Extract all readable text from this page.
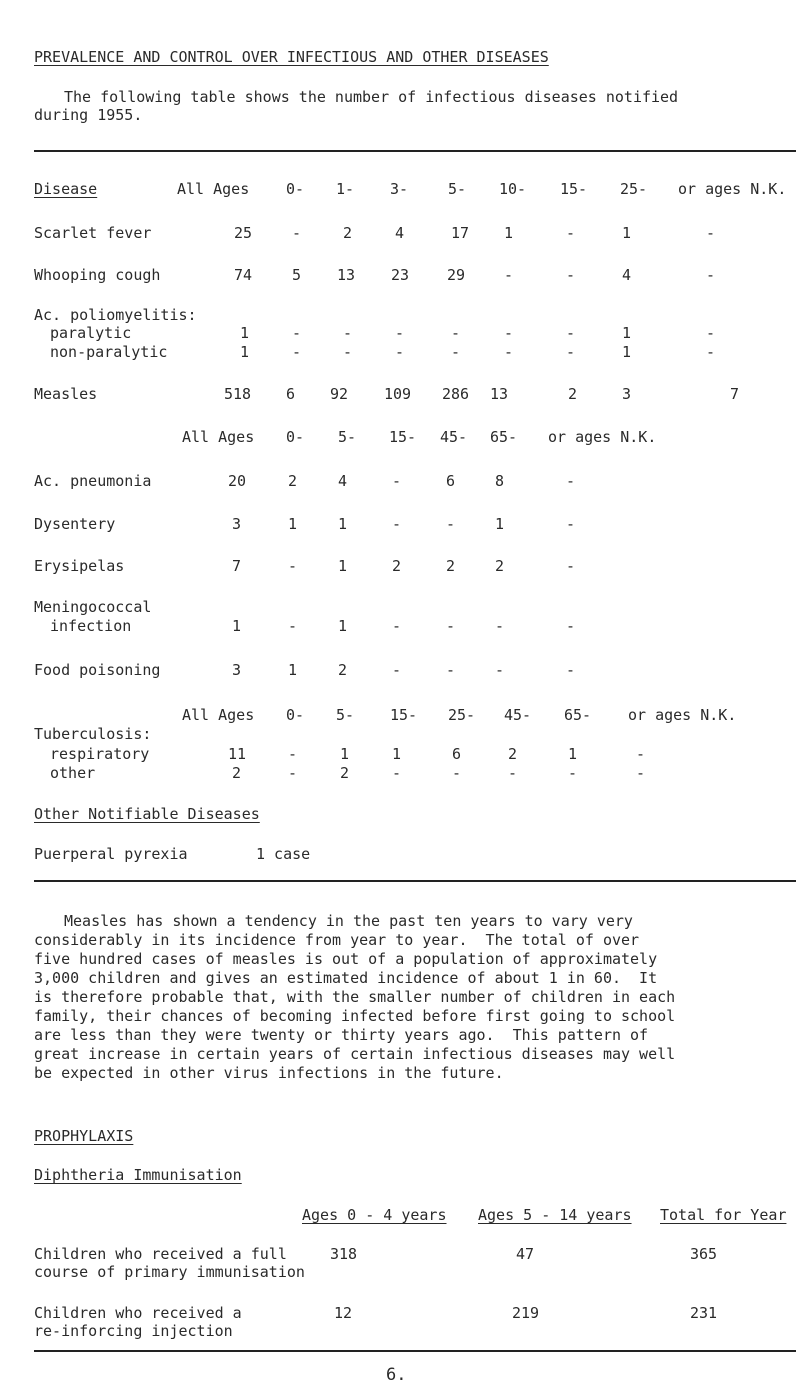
PREVALENCE AND CONTROL OVER INFECTIOUS AND OTHER DISEASES
The following table shows the number of infectious diseases notified
during 1955.
Disease	All Ages 0- 1- 3-	5- 10- 15- 25- or ages N.K.
Scarlet fever	25	-	2	4	17 1	-	1	-
Whooping cough	74	5 13 23	29	-	-	4	-
Ac. poliomyelitis:
paralytic	1	-	-	-	-	-	-	1	-
non-paralytic	1	-	-	-	-	-	-	1	-
Measles	518 6 92 109 286 13	2	3	7
All Ages 0- 5- 15- 45- 65- or ages N.K.
Ac. pneumonia	20	2	4	-	6	8	-
Dysentery	3	1	1	-	-	1	-
Erysipelas	7	-	1	2	2	2	-
Meningococcal
infection	1	-	1	-	-	-	-
Food poisoning	3	1	2	-	-	-	-
All Ages 0- 5- 15- 25- 45- 65- or ages N.K.
Tuberculosis:
respiratory	11	-	1	1	6	2	1	-
other	2	-	2	-	-	-	-	-
Other Notifiable Diseases
Puerperal pyrexia	1 case
Measles has shown a tendency in the past ten years to vary very
considerably in its incidence from year to year.  The total of over
five hundred cases of measles is out of a population of approximately
3,000 children and gives an estimated incidence of about 1 in 60.  It
is therefore probable that, with the smaller number of children in each
family, their chances of becoming infected before first going to school
are less than they were twenty or thirty years ago.  This pattern of
great increase in certain years of certain infectious diseases may well
be expected in other virus infections in the future.
PROPHYLAXIS
Diphtheria Immunisation
Ages 0 - 4 years Ages 5 - 14 years Total for Year
Children who received a full
course of primary immunisation
318	47	365
Children who received a
re-inforcing injection
12	219	231
6.
